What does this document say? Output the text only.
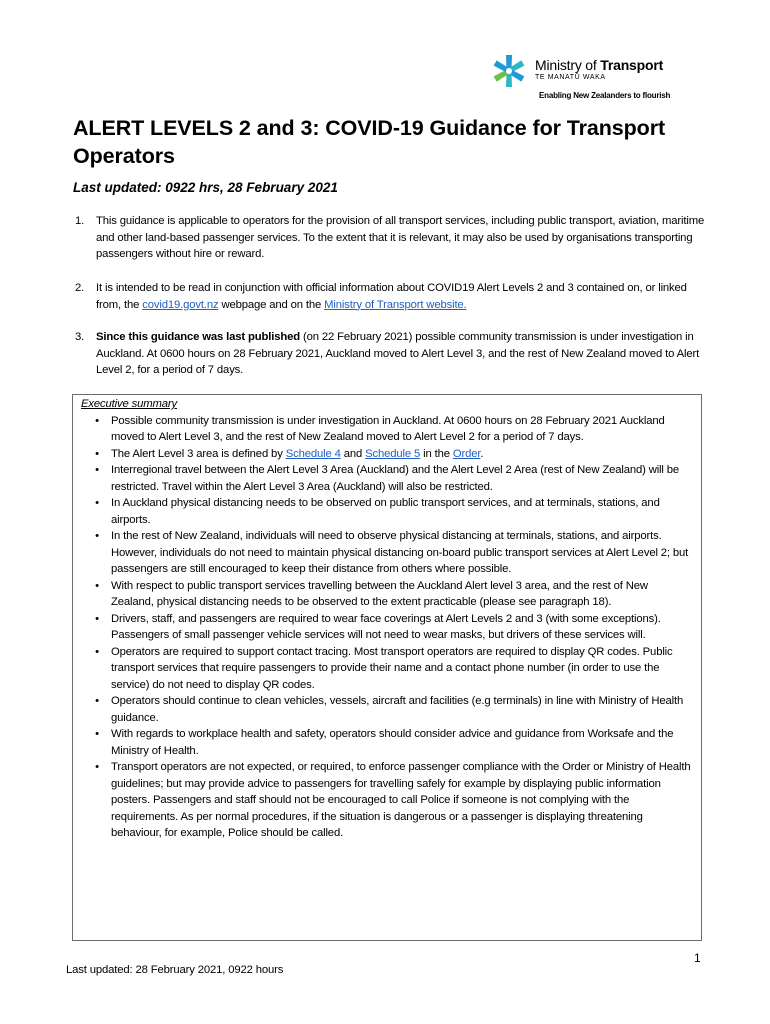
Ministry of Transport
TE MANATŪ WAKA
Enabling New Zealanders to flourish
ALERT LEVELS 2 and 3: COVID-19 Guidance for Transport Operators
Last updated: 0922 hrs, 28 February 2021
1.	This guidance is applicable to operators for the provision of all transport services, including public transport, aviation, maritime and other land-based passenger services. To the extent that it is relevant, it may also be used by organisations transporting passengers without hire or reward.
2.	It is intended to be read in conjunction with official information about COVID19 Alert Levels 2 and 3 contained on, or linked from, the covid19.govt.nz webpage and on the Ministry of Transport website.
3.	Since this guidance was last published (on 22 February 2021) possible community transmission is under investigation in Auckland. At 0600 hours on 28 February 2021, Auckland moved to Alert Level 3, and the rest of New Zealand moved to Alert Level 2, for a period of 7 days.
Executive summary
•	Possible community transmission is under investigation in Auckland. At 0600 hours on 28 February 2021 Auckland moved to Alert Level 3, and the rest of New Zealand moved to Alert Level 2 for a period of 7 days.
•	The Alert Level 3 area is defined by Schedule 4 and Schedule 5 in the Order.
•	Interregional travel between the Alert Level 3 Area (Auckland) and the Alert Level 2 Area (rest of New Zealand) will be restricted. Travel within the Alert Level 3 Area (Auckland) will also be restricted.
•	In Auckland physical distancing needs to be observed on public transport services, and at terminals, stations, and airports.
•	In the rest of New Zealand, individuals will need to observe physical distancing at terminals, stations, and airports. However, individuals do not need to maintain physical distancing on-board public transport services at Alert Level 2; but passengers are still encouraged to keep their distance from others where possible.
•	With respect to public transport services travelling between the Auckland Alert level 3 area, and the rest of New Zealand, physical distancing needs to be observed to the extent practicable (please see paragraph 18).
•	Drivers, staff, and passengers are required to wear face coverings at Alert Levels 2 and 3 (with some exceptions). Passengers of small passenger vehicle services will not need to wear masks, but drivers of these services will.
•	Operators are required to support contact tracing. Most transport operators are required to display QR codes. Public transport services that require passengers to provide their name and a contact phone number (in order to use the service) do not need to display QR codes.
•	Operators should continue to clean vehicles, vessels, aircraft and facilities (e.g terminals) in line with Ministry of Health guidance.
•	With regards to workplace health and safety, operators should consider advice and guidance from Worksafe and the Ministry of Health.
•	Transport operators are not expected, or required, to enforce passenger compliance with the Order or Ministry of Health guidelines; but may provide advice to passengers for travelling safely for example by displaying public information posters. Passengers and staff should not be encouraged to call Police if someone is not complying with the requirements. As per normal procedures, if the situation is dangerous or a passenger is displaying threatening behaviour, for example, Police should be called.
1
Last updated: 28 February 2021, 0922 hours
